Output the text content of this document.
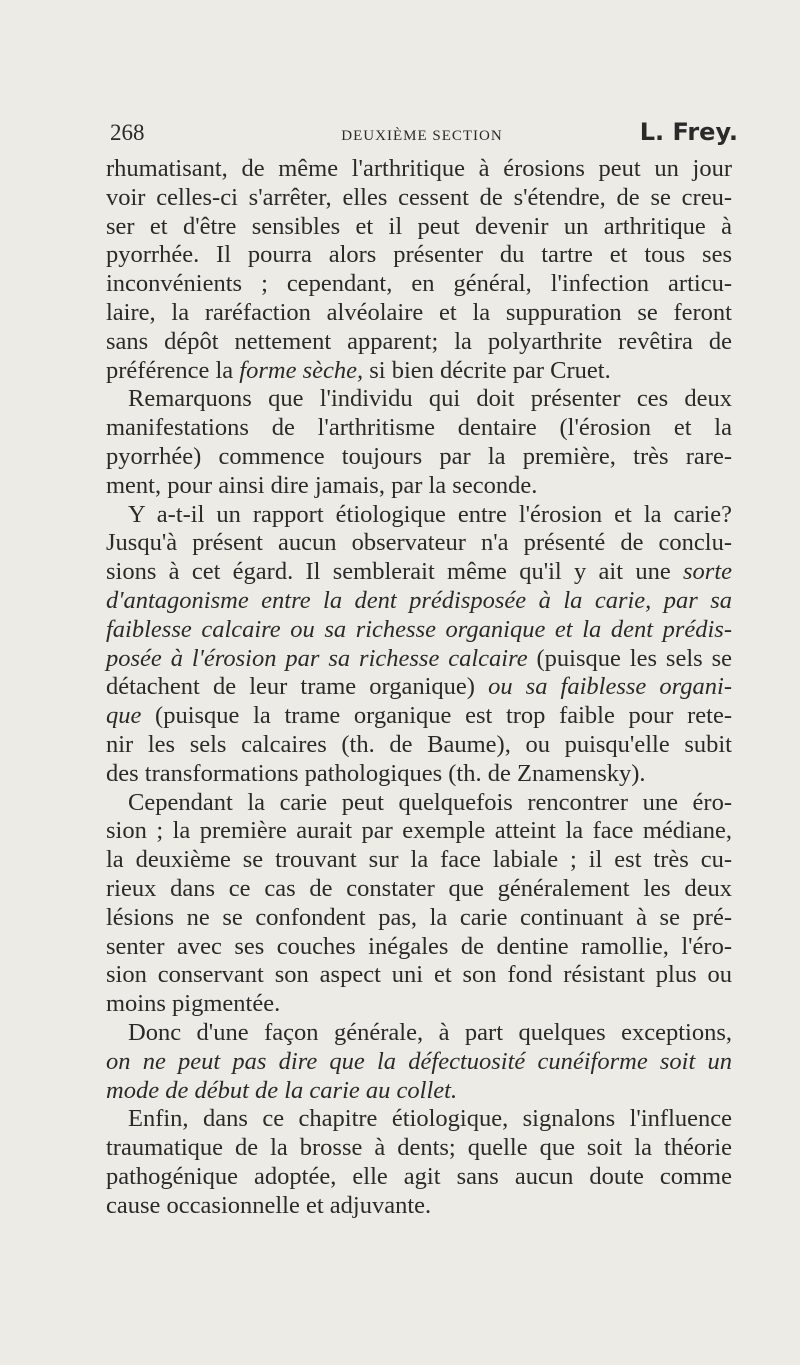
268	DEUXIÈME SECTION	L. Frey.
rhumatisant, de même l'arthritique à érosions peut un jour
voir celles-ci s'arrêter, elles cessent de s'étendre, de se creu-
ser et d'être sensibles et il peut devenir un arthritique à
pyorrhée. Il pourra alors présenter du tartre et tous ses
inconvénients ; cependant, en général, l'infection articu-
laire, la raréfaction alvéolaire et la suppuration se feront
sans dépôt nettement apparent; la polyarthrite revêtira de
préférence la forme sèche, si bien décrite par Cruet.
Remarquons que l'individu qui doit présenter ces deux
manifestations de l'arthritisme dentaire (l'érosion et la
pyorrhée) commence toujours par la première, très rare-
ment, pour ainsi dire jamais, par la seconde.
Y a-t-il un rapport étiologique entre l'érosion et la carie?
Jusqu'à présent aucun observateur n'a présenté de conclu-
sions à cet égard. Il semblerait même qu'il y ait une sorte
d'antagonisme entre la dent prédisposée à la carie, par sa
faiblesse calcaire ou sa richesse organique et la dent prédis-
posée à l'érosion par sa richesse calcaire (puisque les sels se
détachent de leur trame organique) ou sa faiblesse organi-
que (puisque la trame organique est trop faible pour rete-
nir les sels calcaires (th. de Baume), ou puisqu'elle subit
des transformations pathologiques (th. de Znamensky).
Cependant la carie peut quelquefois rencontrer une éro-
sion ; la première aurait par exemple atteint la face médiane,
la deuxième se trouvant sur la face labiale ; il est très cu-
rieux dans ce cas de constater que généralement les deux
lésions ne se confondent pas, la carie continuant à se pré-
senter avec ses couches inégales de dentine ramollie, l'éro-
sion conservant son aspect uni et son fond résistant plus ou
moins pigmentée.
Donc d'une façon générale, à part quelques exceptions,
on ne peut pas dire que la défectuosité cunéiforme soit un
mode de début de la carie au collet.
Enfin, dans ce chapitre étiologique, signalons l'influence
traumatique de la brosse à dents; quelle que soit la théorie
pathogénique adoptée, elle agit sans aucun doute comme
cause occasionnelle et adjuvante.
